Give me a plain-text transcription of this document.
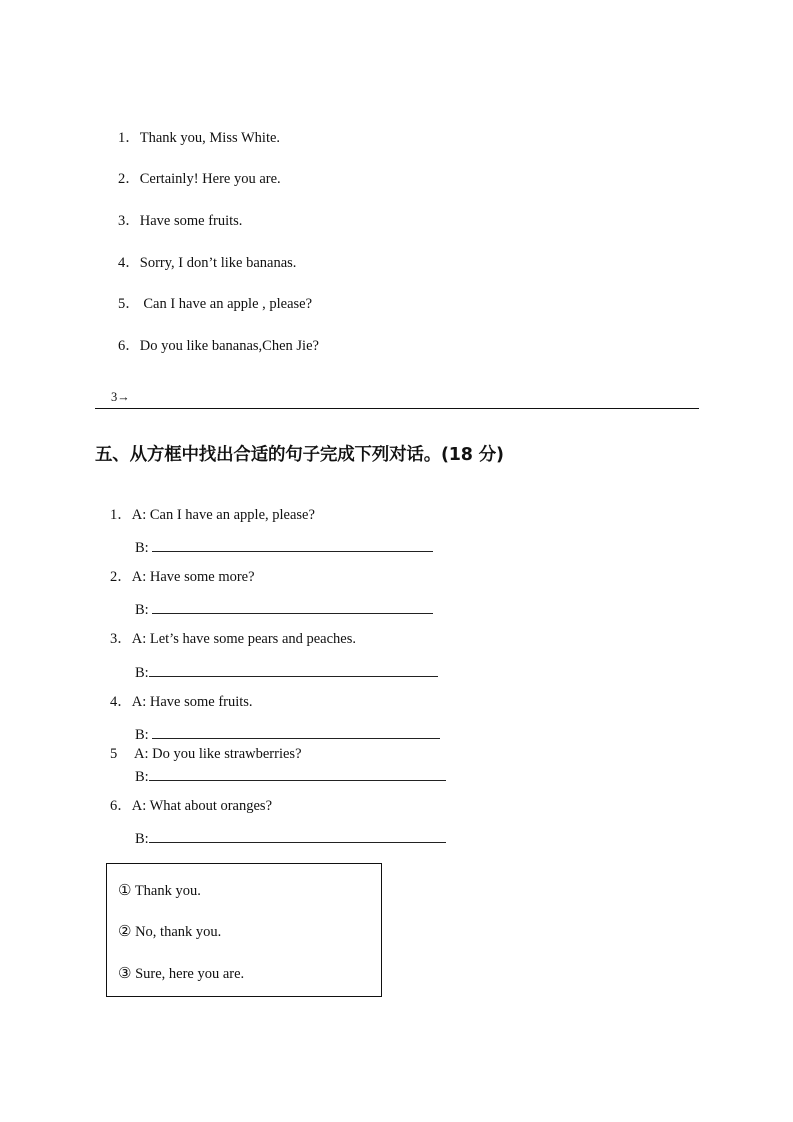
1．Thank you, Miss White.
2．Certainly! Here you are.
3．Have some fruits.
4．Sorry, I don’t like bananas.
5． Can I have an apple , please?
6．Do you like bananas,Chen Jie?
3→
五、从方框中找出合适的句子完成下列对话。(18 分)
1．A: Can I have an apple, please?
B:
2．A: Have some more?
B:
3．A: Let’s have some pears and peaches.
B:
4．A: Have some fruits.
B:
5 A: Do you like strawberries?
B:
6．A: What about oranges?
B:
① Thank you.
② No, thank you.
③ Sure, here you are.
